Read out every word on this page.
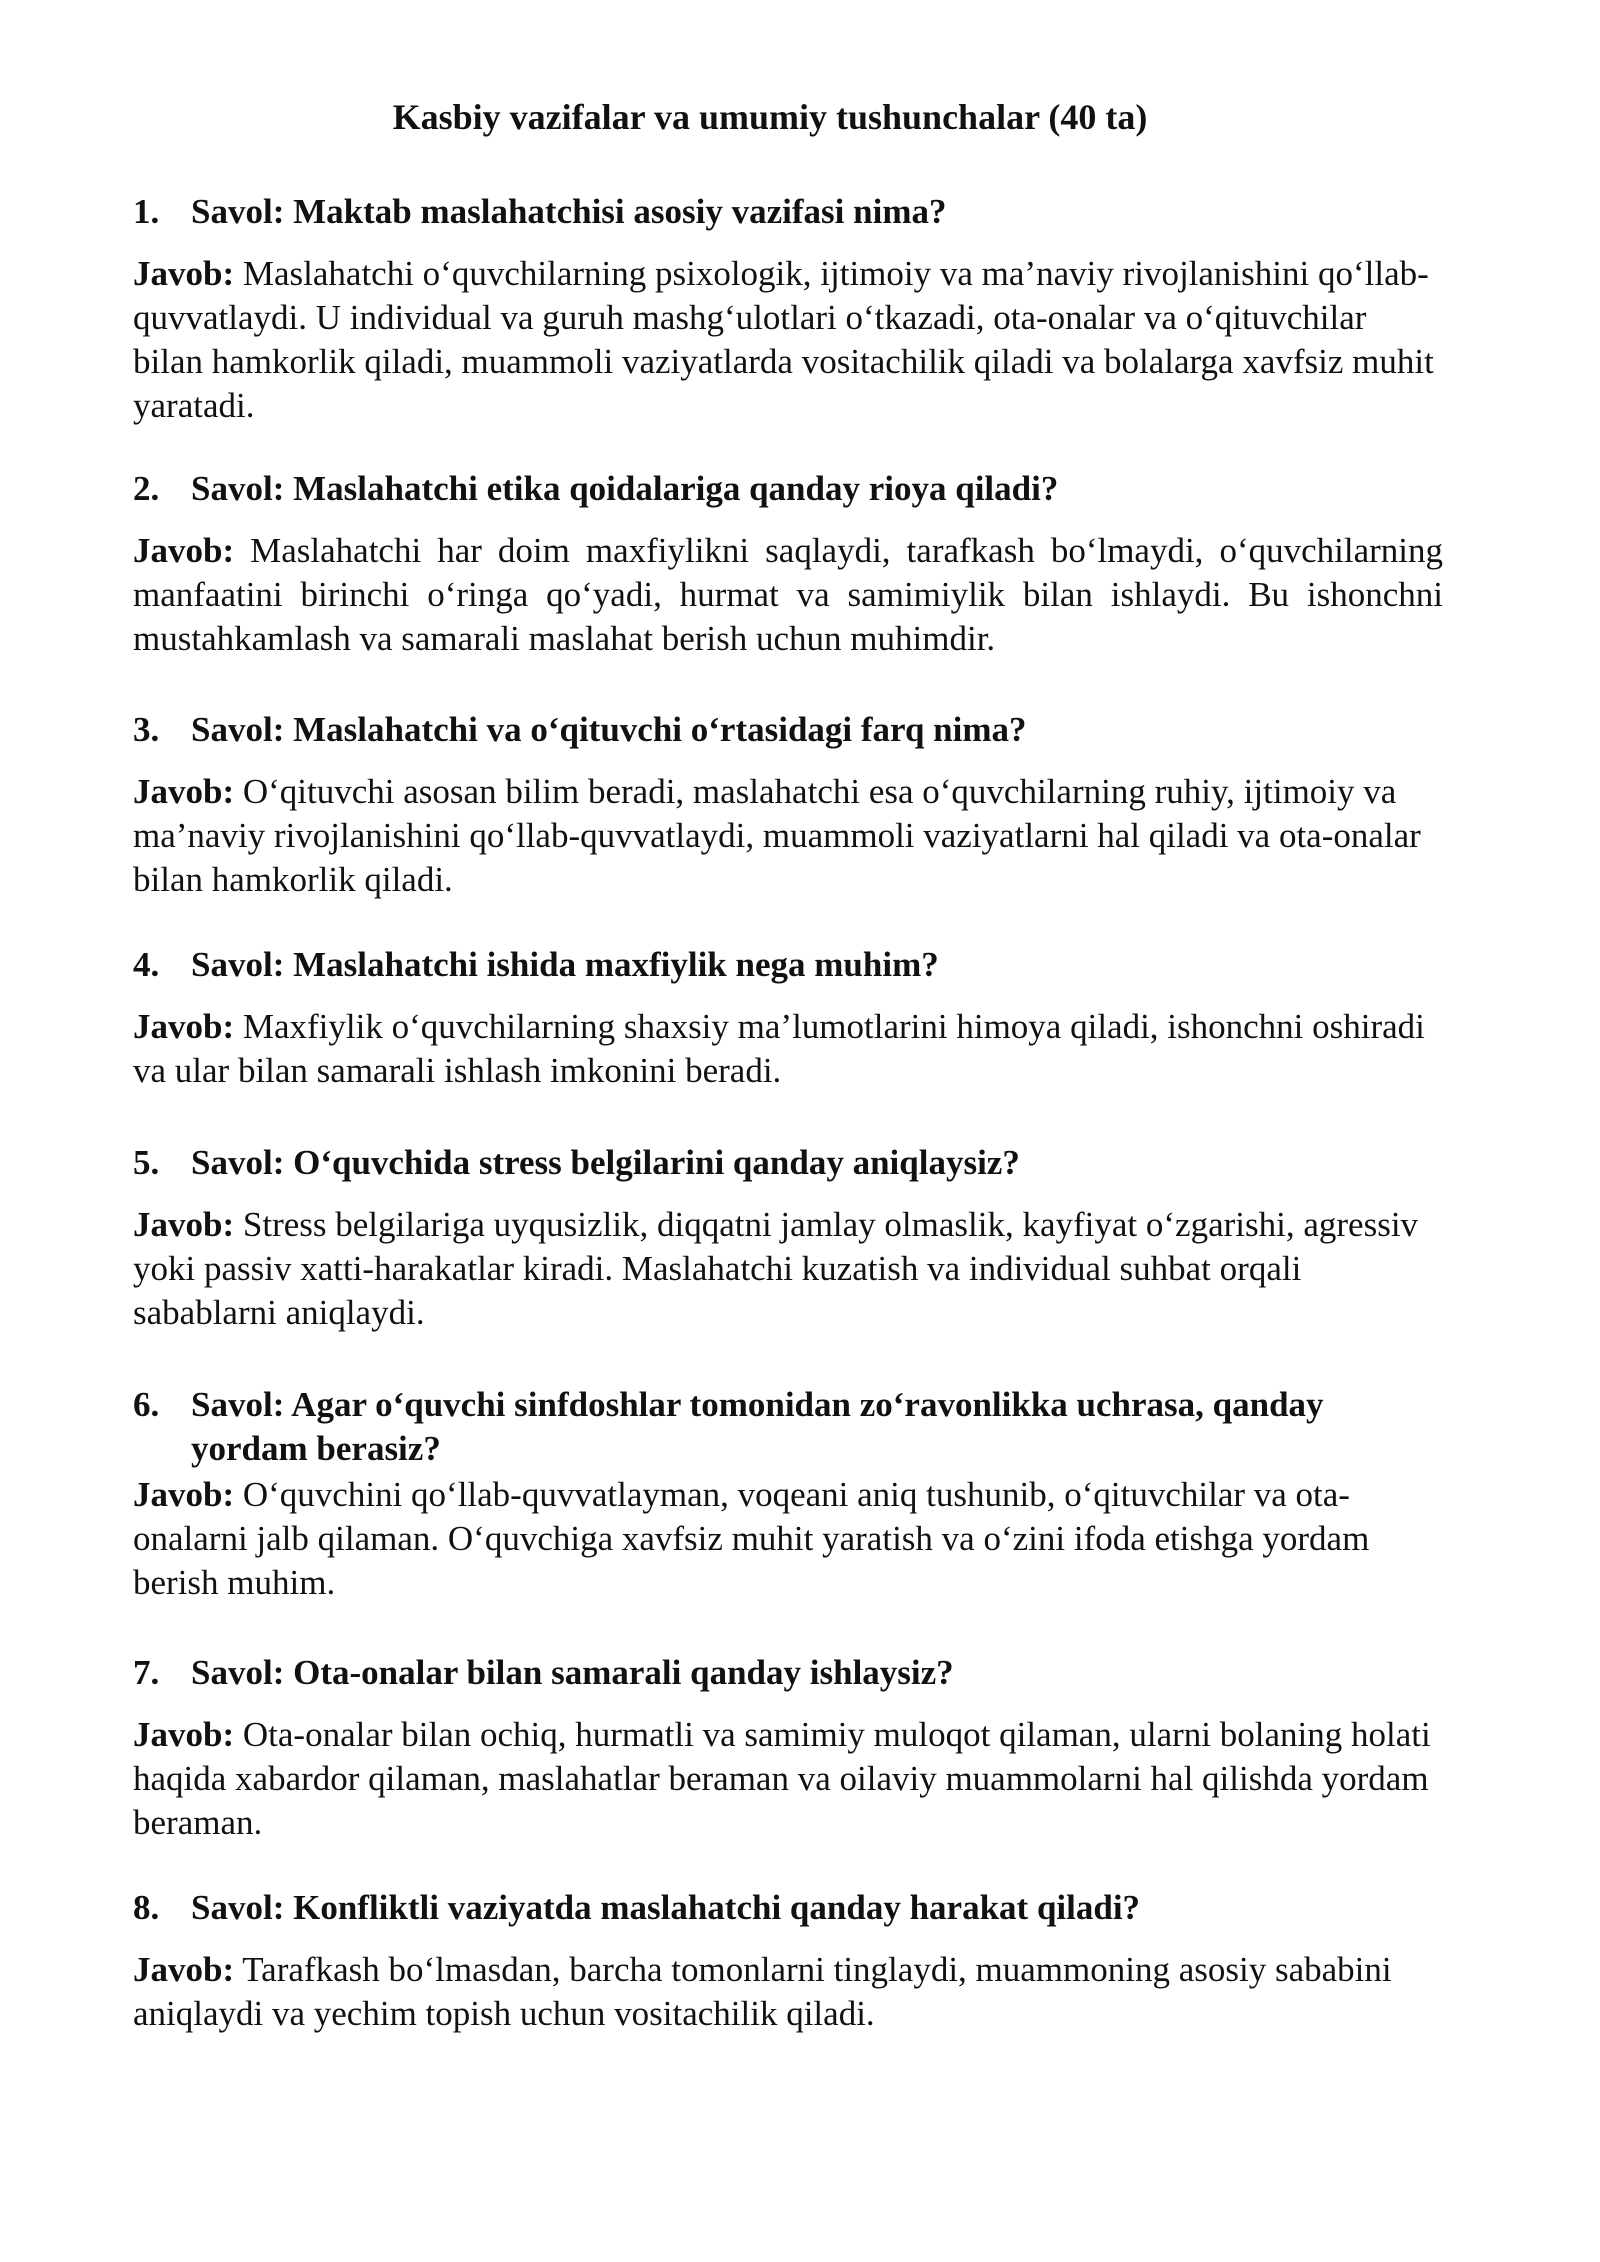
Kasbiy vazifalar va umumiy tushunchalar (40 ta)

1. Savol: Maktab maslahatchisi asosiy vazifasi nima?

Javob: Maslahatchi o‘quvchilarning psixologik, ijtimoiy va ma’naviy rivojlanishini qo‘llab-quvvatlaydi. U individual va guruh mashg‘ulotlari o‘tkazadi, ota-onalar va o‘qituvchilar bilan hamkorlik qiladi, muammoli vaziyatlarda vositachilik qiladi va bolalarga xavfsiz muhit yaratadi.

2. Savol: Maslahatchi etika qoidalariga qanday rioya qiladi?

Javob: Maslahatchi har doim maxfiylikni saqlaydi, tarafkash bo‘lmaydi, o‘quvchilarning manfaatini birinchi o‘ringa qo‘yadi, hurmat va samimiylik bilan ishlaydi. Bu ishonchni mustahkamlash va samarali maslahat berish uchun muhimdir.

3. Savol: Maslahatchi va o‘qituvchi o‘rtasidagi farq nima?

Javob: O‘qituvchi asosan bilim beradi, maslahatchi esa o‘quvchilarning ruhiy, ijtimoiy va ma’naviy rivojlanishini qo‘llab-quvvatlaydi, muammoli vaziyatlarni hal qiladi va ota-onalar bilan hamkorlik qiladi.

4. Savol: Maslahatchi ishida maxfiylik nega muhim?

Javob: Maxfiylik o‘quvchilarning shaxsiy ma’lumotlarini himoya qiladi, ishonchni oshiradi va ular bilan samarali ishlash imkonini beradi.

5. Savol: O‘quvchida stress belgilarini qanday aniqlaysiz?

Javob: Stress belgilariga uyqusizlik, diqqatni jamlay olmaslik, kayfiyat o‘zgarishi, agressiv yoki passiv xatti-harakatlar kiradi. Maslahatchi kuzatish va individual suhbat orqali sabablarni aniqlaydi.

6. Savol: Agar o‘quvchi sinfdoshlar tomonidan zo‘ravonlikka uchrasa, qanday yordam berasiz?

Javob: O‘quvchini qo‘llab-quvvatlayman, voqeani aniq tushunib, o‘qituvchilar va ota-onalarni jalb qilaman. O‘quvchiga xavfsiz muhit yaratish va o‘zini ifoda etishga yordam berish muhim.

7. Savol: Ota-onalar bilan samarali qanday ishlaysiz?

Javob: Ota-onalar bilan ochiq, hurmatli va samimiy muloqot qilaman, ularni bolaning holati haqida xabardor qilaman, maslahatlar beraman va oilaviy muammolarni hal qilishda yordam beraman.

8. Savol: Konfliktli vaziyatda maslahatchi qanday harakat qiladi?

Javob: Tarafkash bo‘lmasdan, barcha tomonlarni tinglaydi, muammoning asosiy sababini aniqlaydi va yechim topish uchun vositachilik qiladi.
